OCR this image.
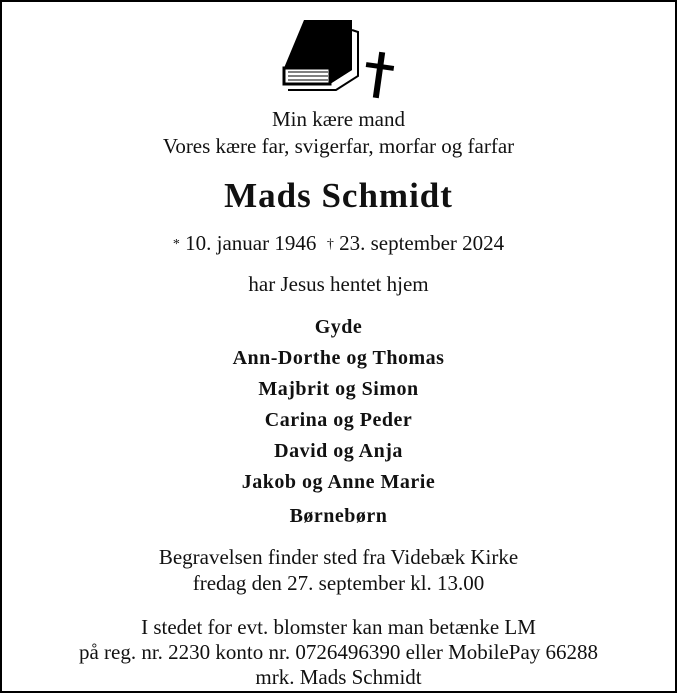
Min kære mand
Vores kære far, svigerfar, morfar og farfar
Mads Schmidt
* 10. januar 1946 † 23. september 2024
har Jesus hentet hjem
Gyde
Ann-Dorthe og Thomas
Majbrit og Simon
Carina og Peder
David og Anja
Jakob og Anne Marie
Børnebørn
Begravelsen finder sted fra Videbæk Kirke
fredag den 27. september kl. 13.00
I stedet for evt. blomster kan man betænke LM
på reg. nr. 2230 konto nr. 0726496390 eller MobilePay 66288
mrk. Mads Schmidt
